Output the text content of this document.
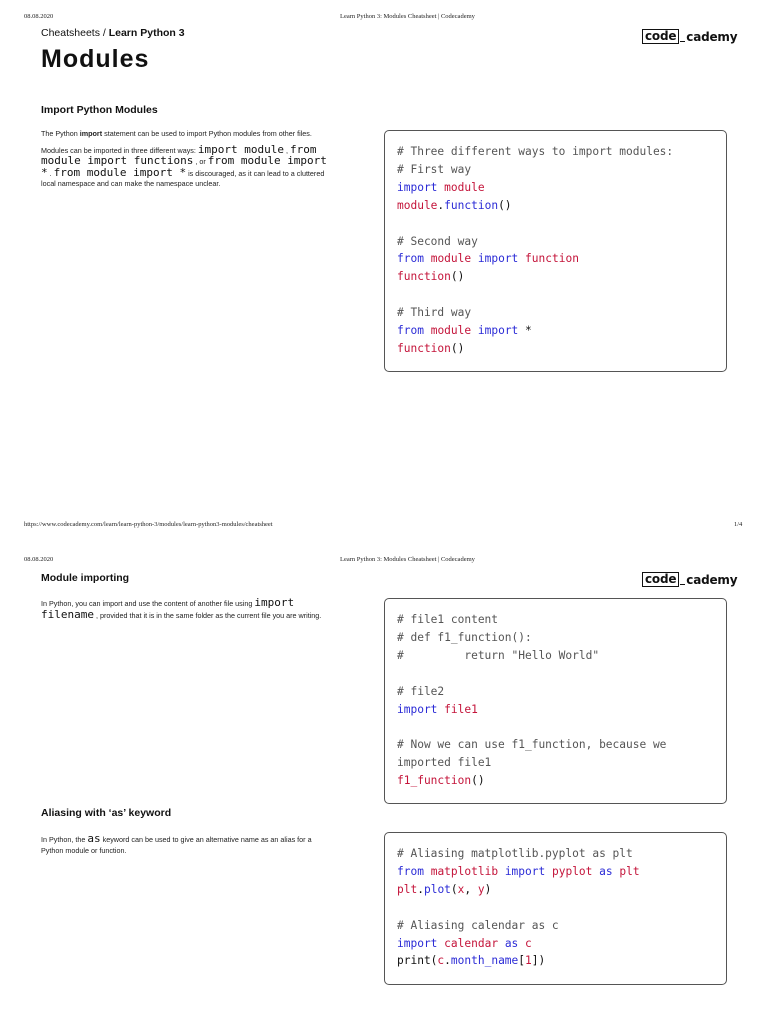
08.08.2020	Learn Python 3: Modules Cheatsheet | Codecademy
Cheatsheets / Learn Python 3	code cademy
Modules
Import Python Modules
The Python import statement can be used to import Python modules from other files.
Modules can be imported in three different ways: import module , from module import functions , or from module import * . from module import * is discouraged, as it can lead to a cluttered local namespace and can make the namespace unclear.
# Three different ways to import modules:
# First way
import module
module.function()

# Second way
from module import function
function()

# Third way
from module import *
function()
https://www.codecademy.com/learn/learn-python-3/modules/learn-python3-modules/cheatsheet	1/4
08.08.2020	Learn Python 3: Modules Cheatsheet | Codecademy
code cademy
Module importing
In Python, you can import and use the content of another file using import filename , provided that it is in the same folder as the current file you are writing.	# file1 content
# def f1_function():
#         return "Hello World"

# file2
import file1

# Now we can use f1_function, because we
imported file1
f1_function()
Aliasing with ‘as’ keyword
In Python, the as keyword can be used to give an alternative name as an alias for a Python module or function.	# Aliasing matplotlib.pyplot as plt
from matplotlib import pyplot as plt
plt.plot(x, y)

# Aliasing calendar as c
import calendar as c
print(c.month_name[1])
